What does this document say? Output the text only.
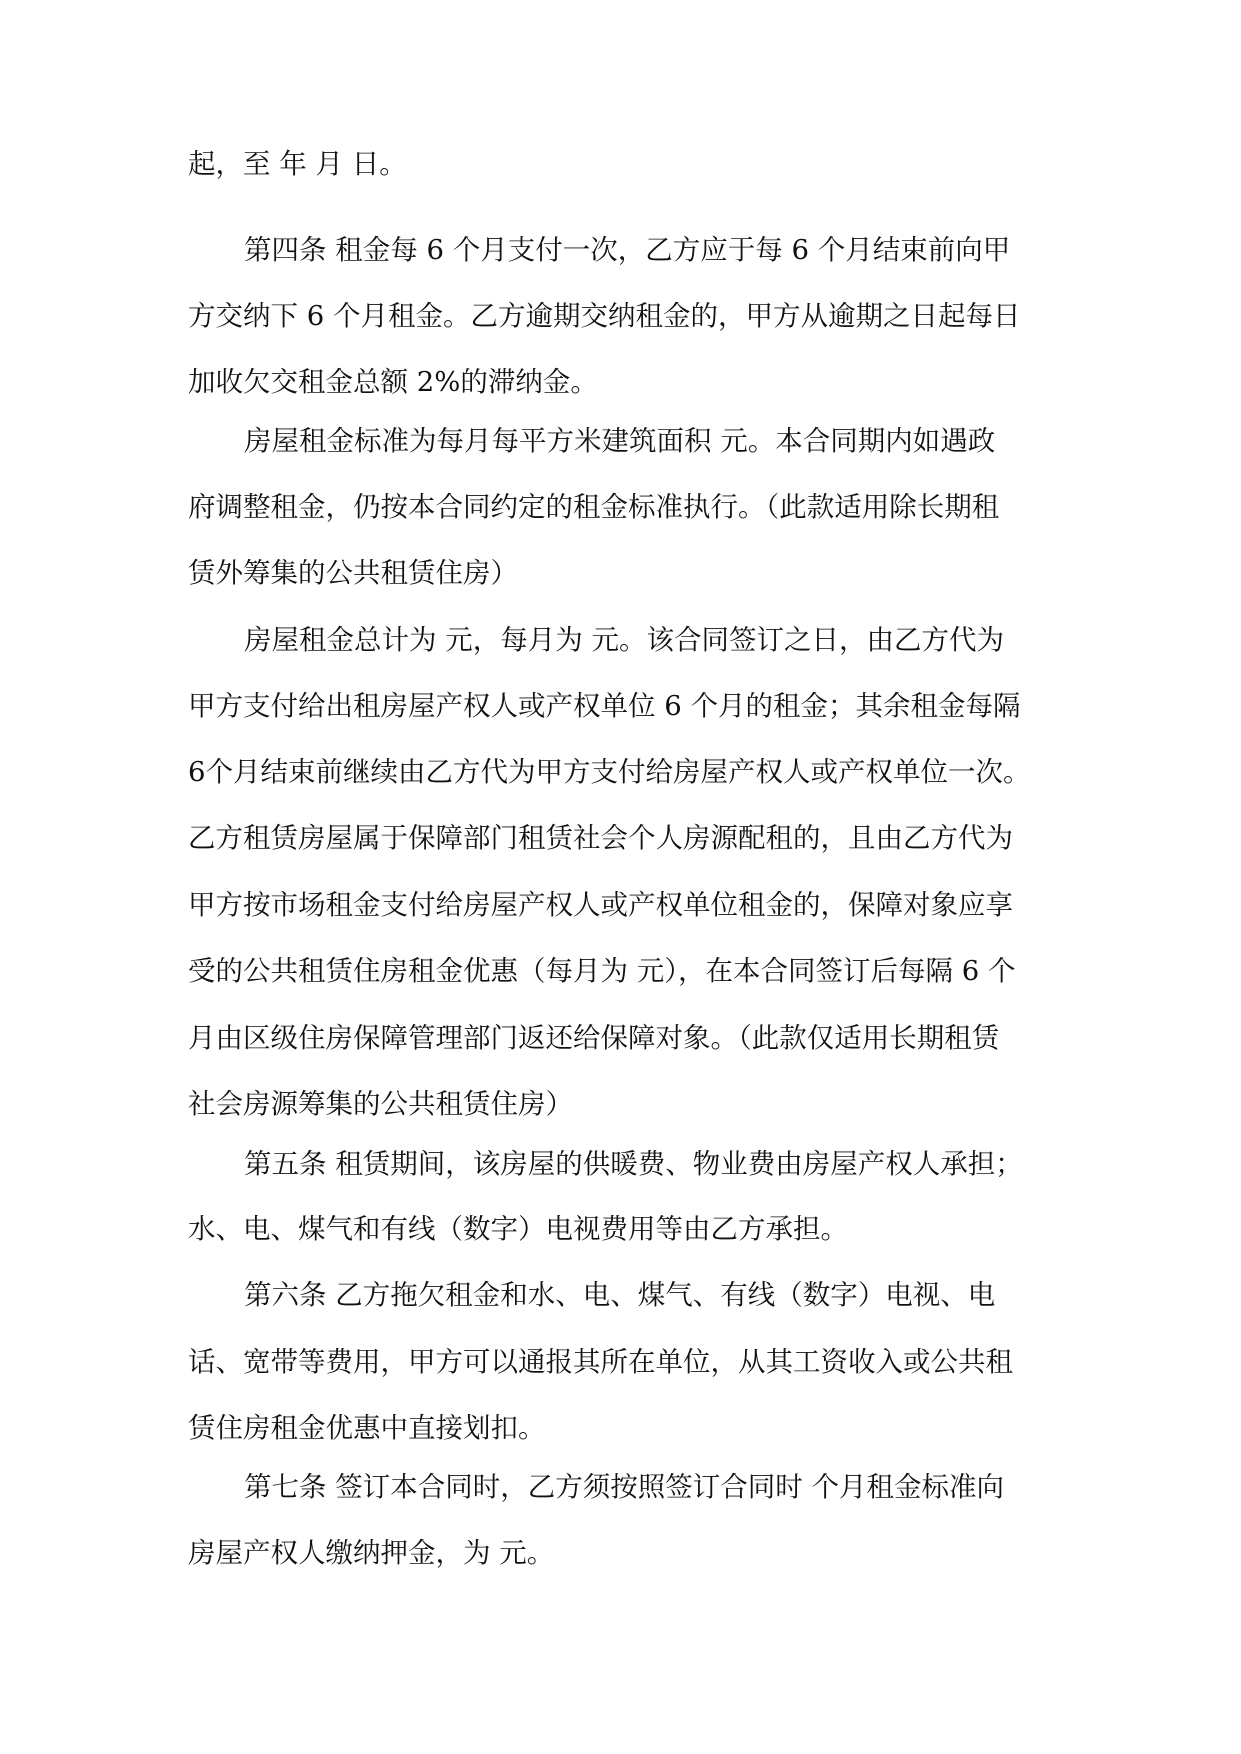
起，至 年 月 日。

第四条 租金每 6 个月支付一次，乙方应于每 6 个月结束前向甲

方交纳下 6 个月租金。乙方逾期交纳租金的，甲方从逾期之日起每日

加收欠交租金总额 2%的滞纳金。

房屋租金标准为每月每平方米建筑面积 元。本合同期内如遇政

府调整租金，仍按本合同约定的租金标准执行。（此款适用除长期租

赁外筹集的公共租赁住房）

房屋租金总计为 元，每月为 元。该合同签订之日，由乙方代为

甲方支付给出租房屋产权人或产权单位 6 个月的租金；其余租金每隔

6个月结束前继续由乙方代为甲方支付给房屋产权人或产权单位一次。

乙方租赁房屋属于保障部门租赁社会个人房源配租的，且由乙方代为

甲方按市场租金支付给房屋产权人或产权单位租金的，保障对象应享

受的公共租赁住房租金优惠（每月为 元），在本合同签订后每隔 6 个

月由区级住房保障管理部门返还给保障对象。（此款仅适用长期租赁

社会房源筹集的公共租赁住房）

第五条 租赁期间，该房屋的供暖费、物业费由房屋产权人承担；

水、电、煤气和有线（数字）电视费用等由乙方承担。

第六条 乙方拖欠租金和水、电、煤气、有线（数字）电视、电

话、宽带等费用，甲方可以通报其所在单位，从其工资收入或公共租

赁住房租金优惠中直接划扣。

第七条 签订本合同时，乙方须按照签订合同时 个月租金标准向

房屋产权人缴纳押金，为 元。
